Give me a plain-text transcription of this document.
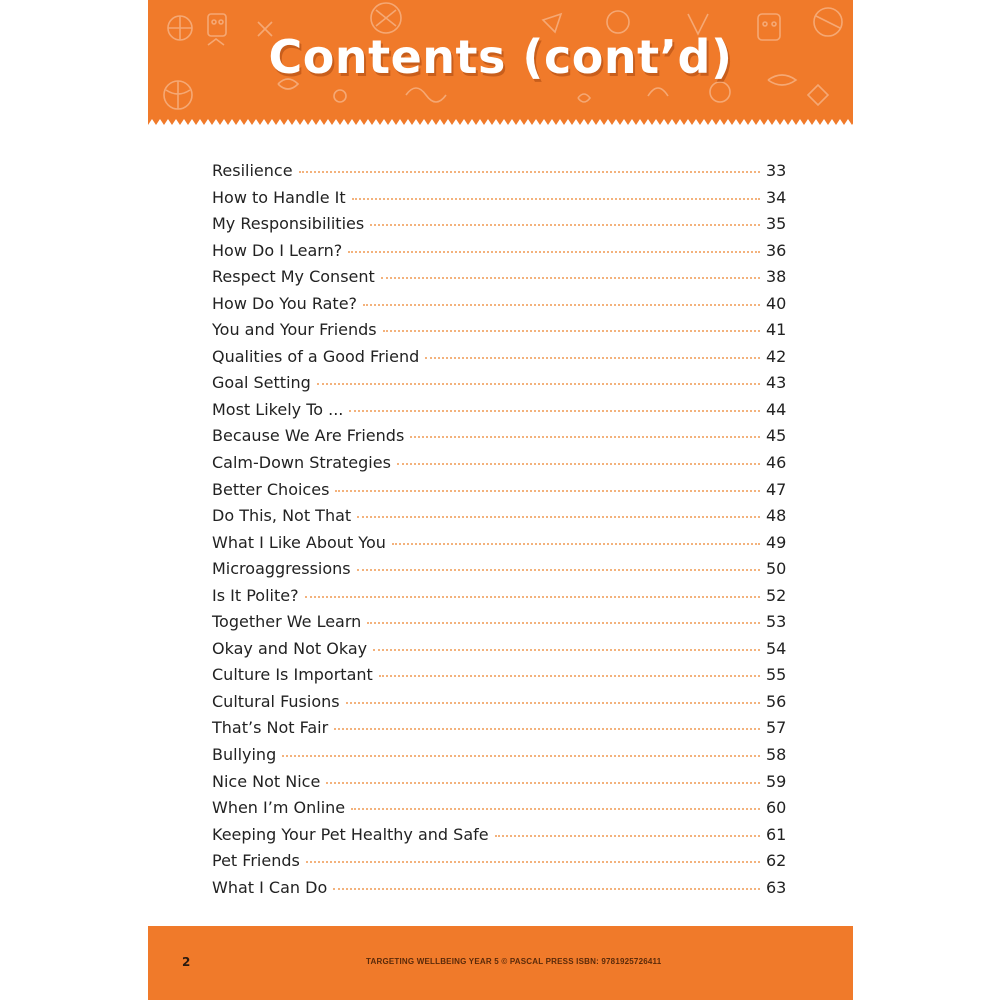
Contents (cont’d)
Resilience	33
How to Handle It	34
My Responsibilities	35
How Do I Learn?	36
Respect My Consent	38
How Do You Rate?	40
You and Your Friends	41
Qualities of a Good Friend	42
Goal Setting	43
Most Likely To ...	44
Because We Are Friends	45
Calm-Down Strategies	46
Better Choices	47
Do This, Not That	48
What I Like About You	49
Microaggressions	50
Is It Polite?	52
Together We Learn	53
Okay and Not Okay	54
Culture Is Important	55
Cultural Fusions	56
That’s Not Fair	57
Bullying	58
Nice Not Nice	59
When I’m Online	60
Keeping Your Pet Healthy and Safe	61
Pet Friends	62
What I Can Do	63
2	TARGETING WELLBEING YEAR 5 © PASCAL PRESS ISBN: 9781925726411
